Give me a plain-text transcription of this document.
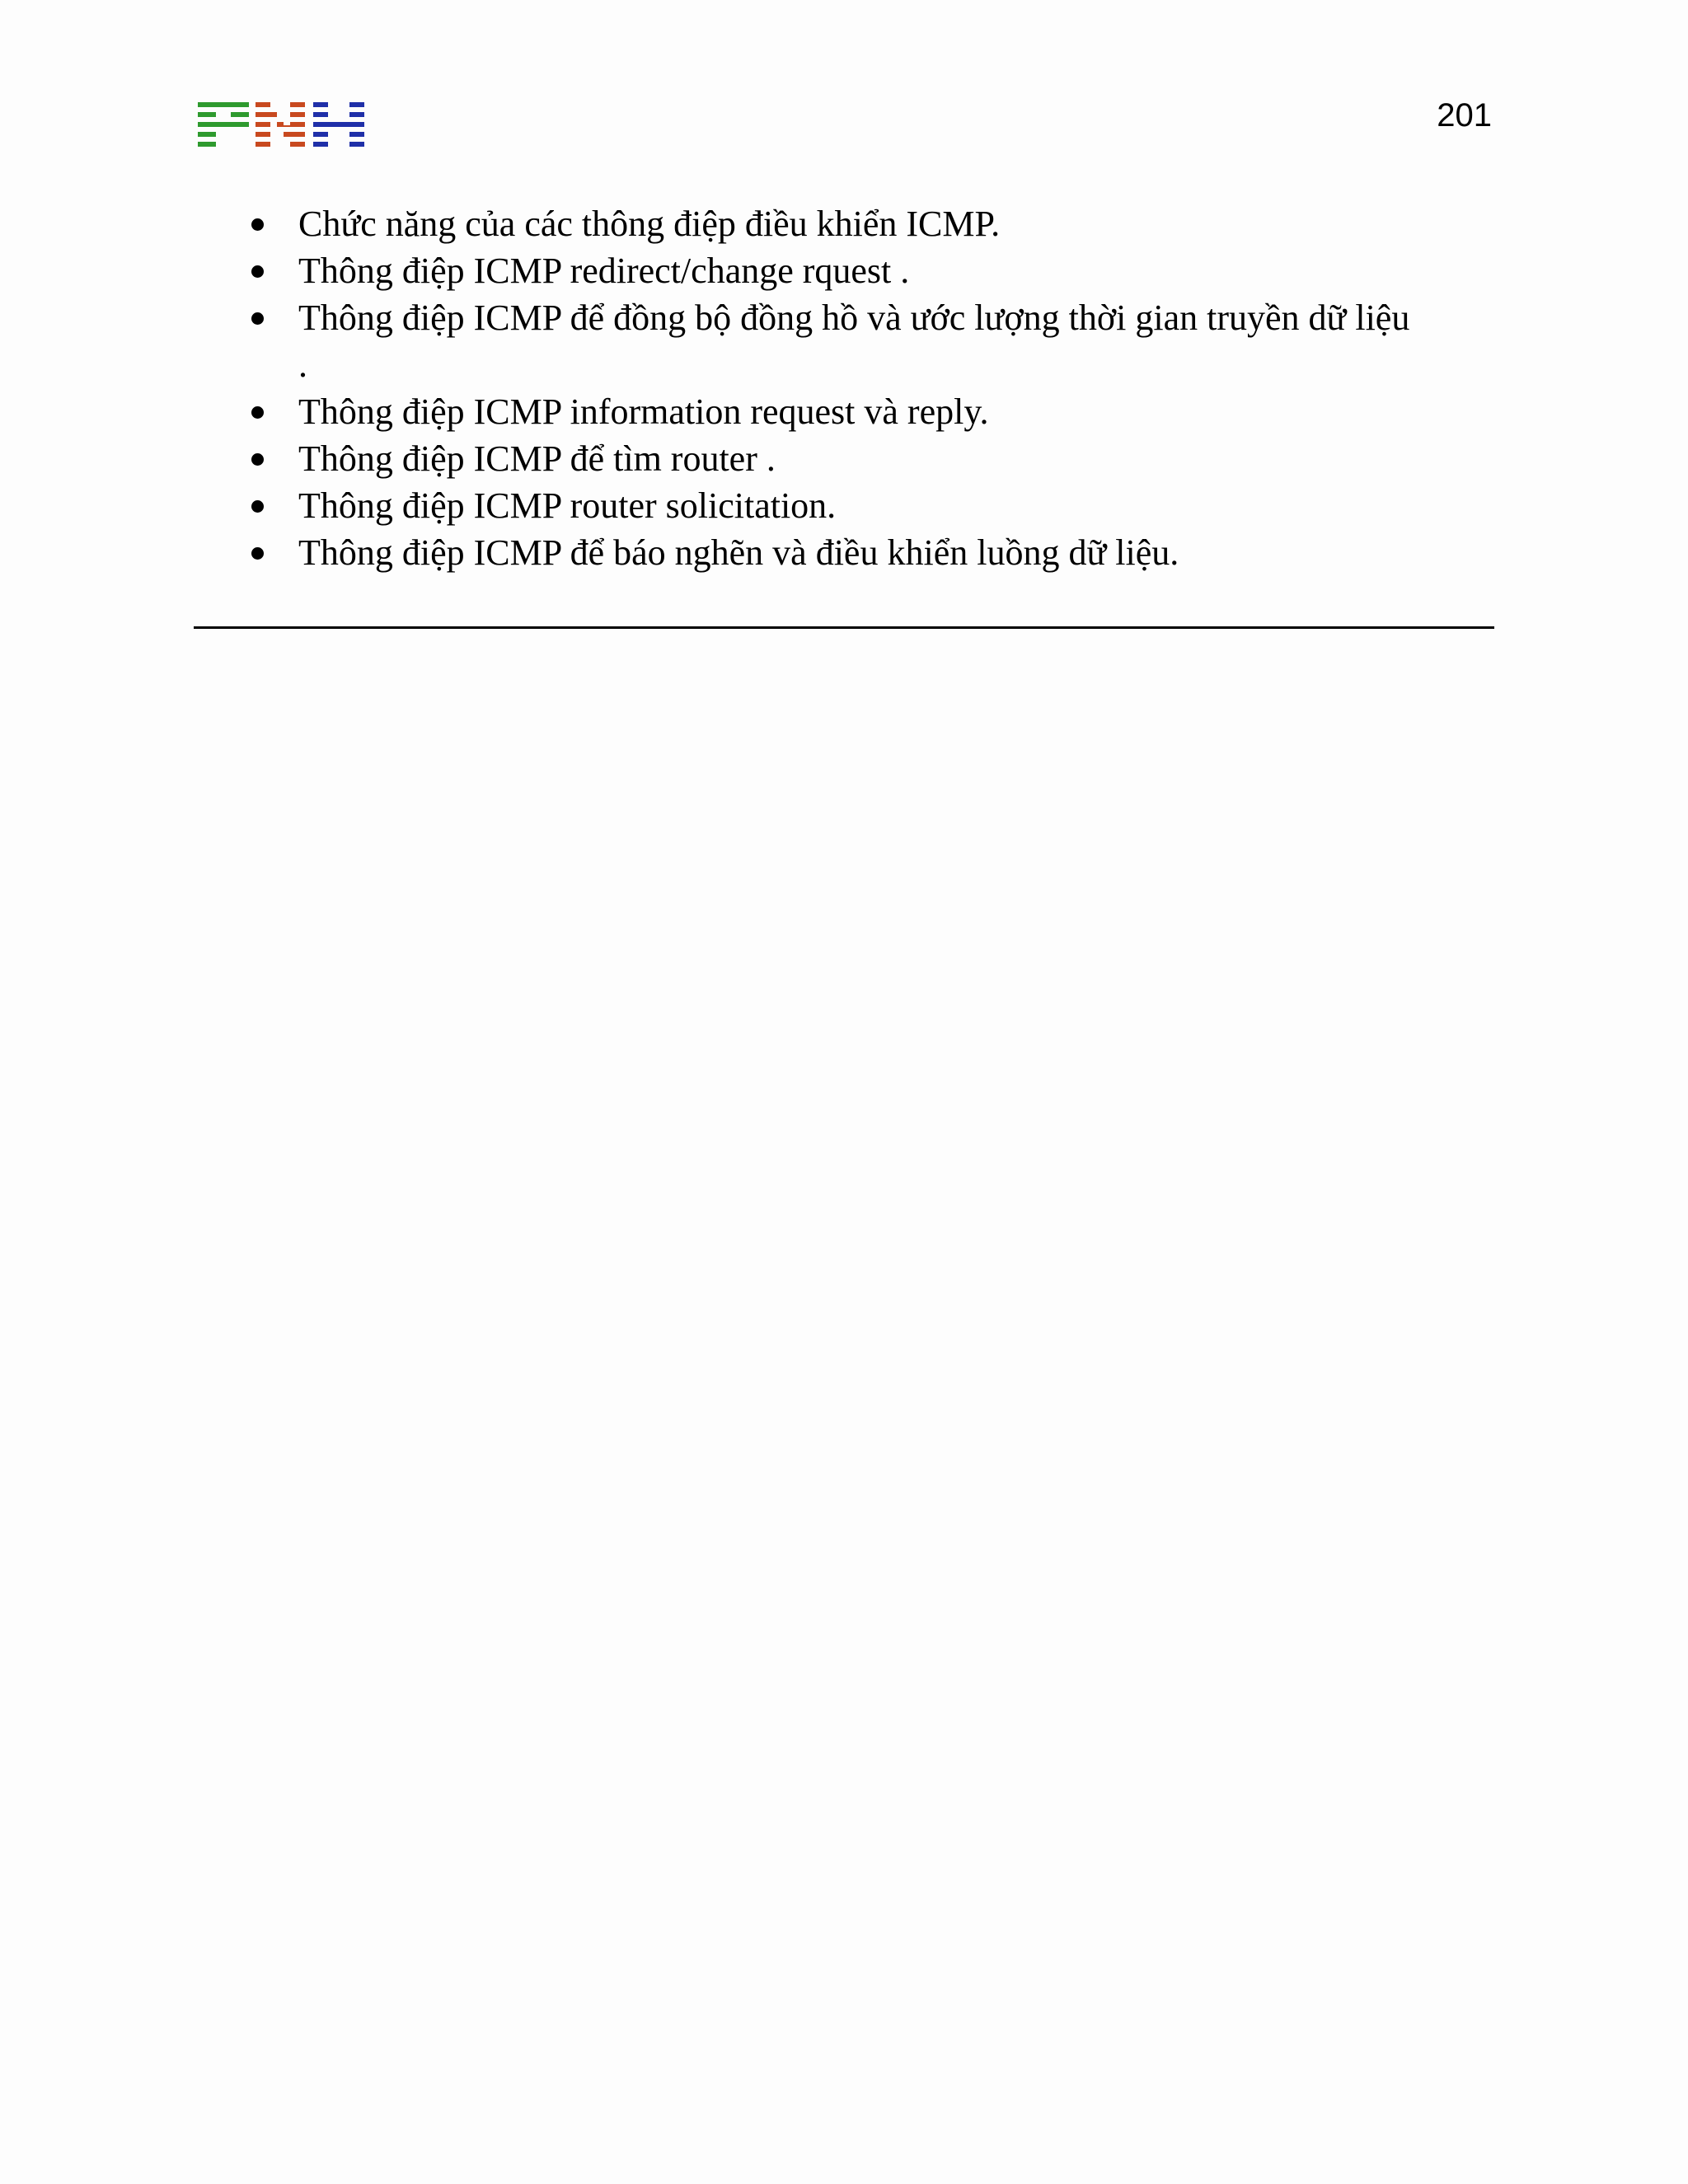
201
Chức năng của các thông điệp điều khiển ICMP.
Thông điệp ICMP redirect/change rquest .
Thông điệp ICMP để đồng bộ đồng hồ và ước lượng thời gian truyền dữ liệu
.
Thông điệp ICMP information request và reply.
Thông điệp ICMP để tìm router .
Thông điệp ICMP router solicitation.
Thông điệp ICMP để báo nghẽn và điều khiển luồng dữ liệu.
